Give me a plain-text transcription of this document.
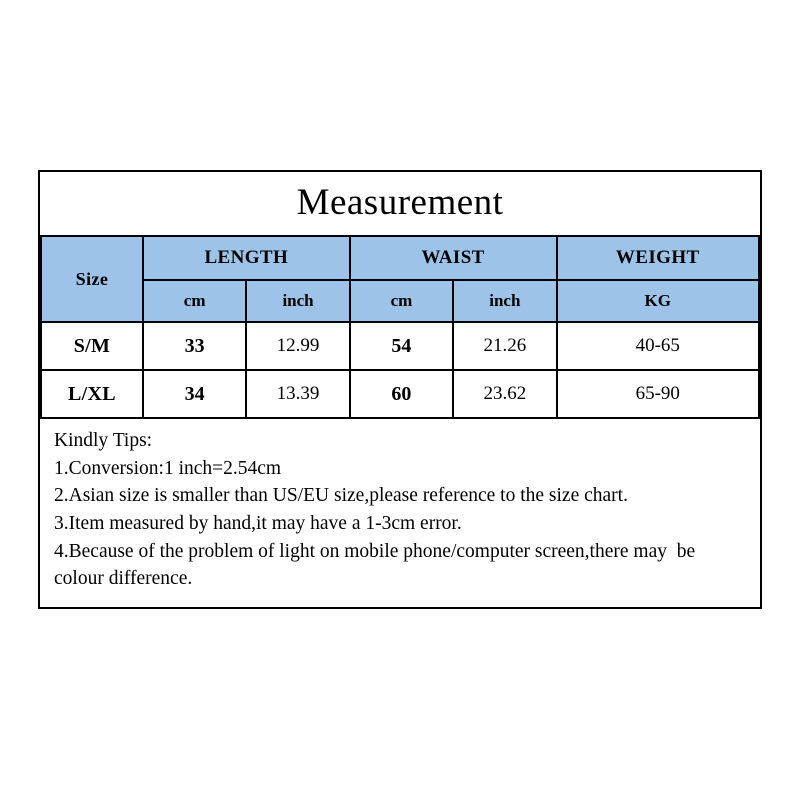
Measurement
Size	LENGTH		WAIST		WEIGHT
	cm	inch	cm	inch	KG
S/M	33	12.99	54	21.26	40-65
L/XL	34	13.39	60	23.62	65-90
Kindly Tips:
1.Conversion:1 inch=2.54cm
2.Asian size is smaller than US/EU size,please reference to the size chart.
3.Item measured by hand,it may have a 1-3cm error.
4.Because of the problem of light on mobile phone/computer screen,there may  be colour difference.
